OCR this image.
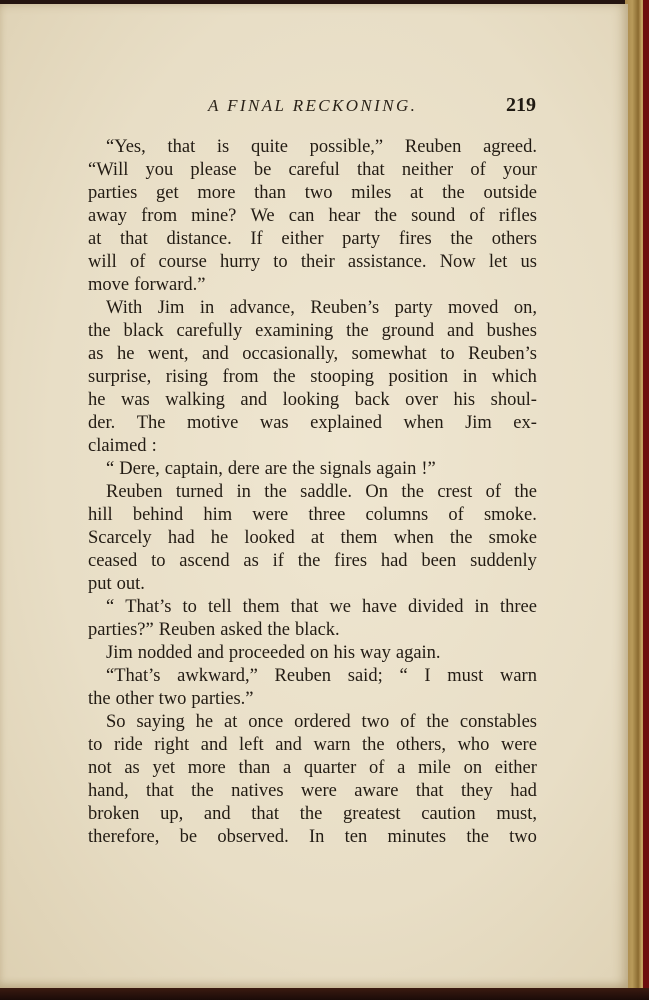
A FINAL RECKONING.	219
“Yes, that is quite possible,” Reuben agreed.
“Will you please be careful that neither of your
parties get more than two miles at the outside
away from mine? We can hear the sound of rifles
at that distance. If either party fires the others
will of course hurry to their assistance. Now let us
move forward.”
With Jim in advance, Reuben’s party moved on,
the black carefully examining the ground and bushes
as he went, and occasionally, somewhat to Reuben’s
surprise, rising from the stooping position in which
he was walking and looking back over his shoul-
der. The motive was explained when Jim ex-
claimed :
“ Dere, captain, dere are the signals again !”
Reuben turned in the saddle. On the crest of the
hill behind him were three columns of smoke.
Scarcely had he looked at them when the smoke
ceased to ascend as if the fires had been suddenly
put out.
“ That’s to tell them that we have divided in three
parties?” Reuben asked the black.
Jim nodded and proceeded on his way again.
“That’s awkward,” Reuben said; “ I must warn
the other two parties.”
So saying he at once ordered two of the constables
to ride right and left and warn the others, who were
not as yet more than a quarter of a mile on either
hand, that the natives were aware that they had
broken up, and that the greatest caution must,
therefore, be observed. In ten minutes the two
